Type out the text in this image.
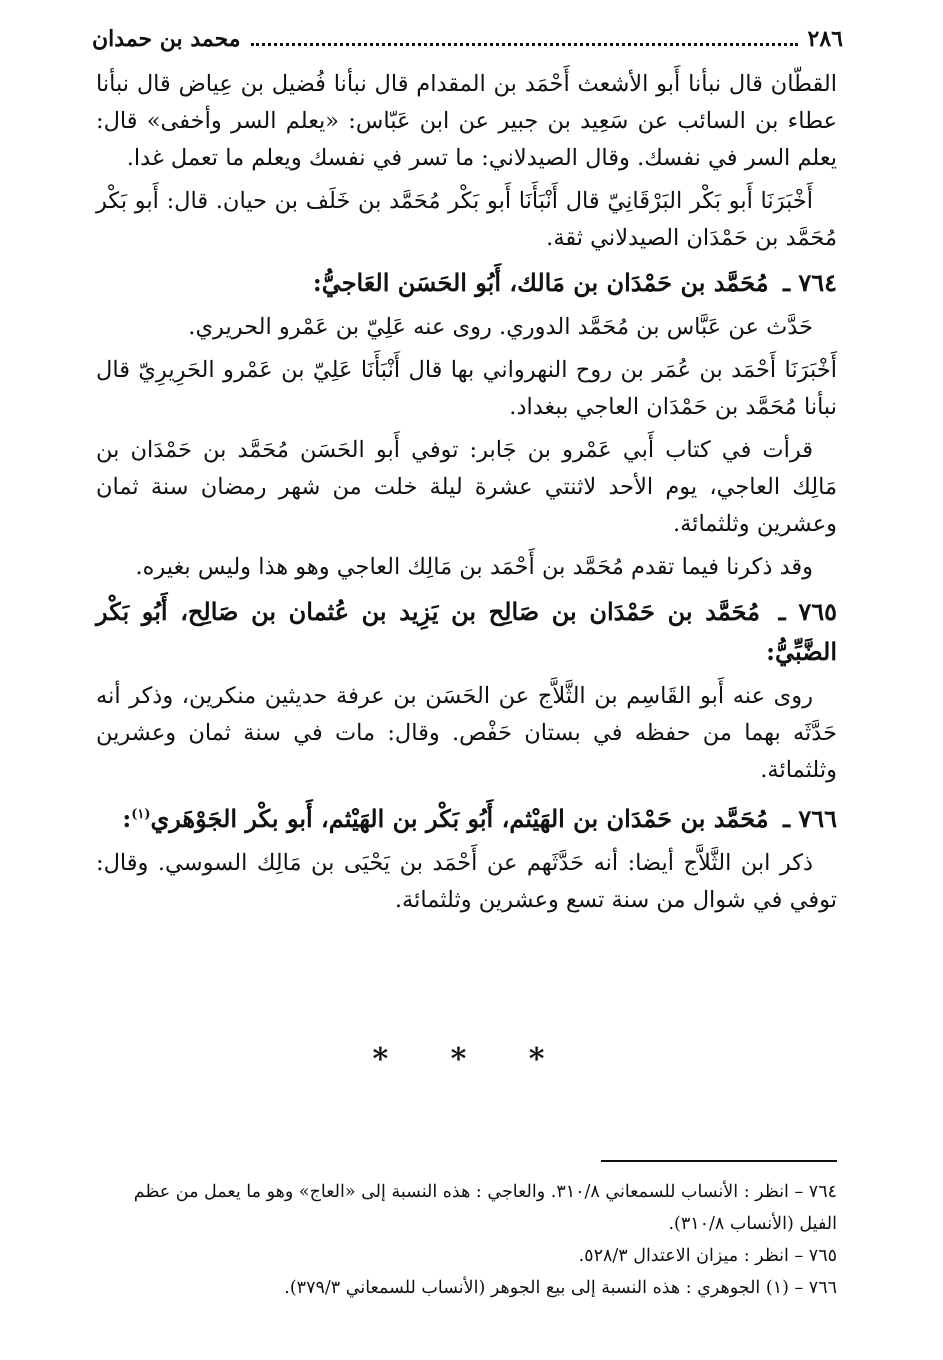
٢٨٦
محمد بن حمدان

القطّان قال نبأنا أَبو الأشعث أَحْمَد بن المقدام قال نبأنا فُضيل بن عِياض قال نبأنا عطاء بن السائب عن سَعِيد بن جبير عن ابن عَبّاس: «يعلم السر وأخفى» قال: يعلم السر في نفسك. وقال الصيدلاني: ما تسر في نفسك ويعلم ما تعمل غدا.

أَخْبَرَنَا أَبو بَكْر البَرْقَانِيّ قال أَنْبَأَنَا أَبو بَكْر مُحَمَّد بن خَلَف بن حيان. قال: أَبو بَكْر مُحَمَّد بن حَمْدَان الصيدلاني ثقة.

٧٦٤ ـ مُحَمَّد بن حَمْدَان بن مَالك، أَبُو الحَسَن العَاجيُّ:

حَدَّث عن عَبَّاس بن مُحَمَّد الدوري. روى عنه عَلِيّ بن عَمْرو الحريري.

أَخْبَرَنَا أَحْمَد بن عُمَر بن روح النهرواني بها قال أَنْبَأَنَا عَلِيّ بن عَمْرو الحَرِيرِيّ قال نبأنا مُحَمَّد بن حَمْدَان العاجي ببغداد.

قرأت في كتاب أَبي عَمْرو بن جَابر: توفي أَبو الحَسَن مُحَمَّد بن حَمْدَان بن مَالِك العاجي، يوم الأحد لاثنتي عشرة ليلة خلت من شهر رمضان سنة ثمان وعشرين وثلثمائة.

وقد ذكرنا فيما تقدم مُحَمَّد بن أَحْمَد بن مَالِك العاجي وهو هذا وليس بغيره.

٧٦٥ ـ مُحَمَّد بن حَمْدَان بن صَالِح بن يَزِيد بن عُثمان بن صَالِح، أَبُو بَكْر الضَّبِّيُّ:

روى عنه أَبو القَاسِم بن الثَّلاَّج عن الحَسَن بن عرفة حديثين منكرين، وذكر أنه حَدَّثَه بهما من حفظه في بستان حَفْص. وقال: مات في سنة ثمان وعشرين وثلثمائة.

٧٦٦ ـ مُحَمَّد بن حَمْدَان بن الهَيْثم، أَبُو بَكْر بن الهَيْثم، أَبو بكْر الجَوْهَري$^{(١)}$:

ذكر ابن الثَّلاَّج أيضا: أنه حَدَّثَهم عن أَحْمَد بن يَحْيَى بن مَالِك السوسي. وقال: توفي في شوال من سنة تسع وعشرين وثلثمائة.

* * *

٧٦٤ – انظر : الأنساب للسمعاني ٣١٠/٨. والعاجي : هذه النسبة إلى «العاج» وهو ما يعمل من عظم الفيل (الأنساب ٣١٠/٨).

٧٦٥ – انظر : ميزان الاعتدال ٥٢٨/٣.

٧٦٦ – (١) الجوهري : هذه النسبة إلى بيع الجوهر (الأنساب للسمعاني ٣٧٩/٣).
